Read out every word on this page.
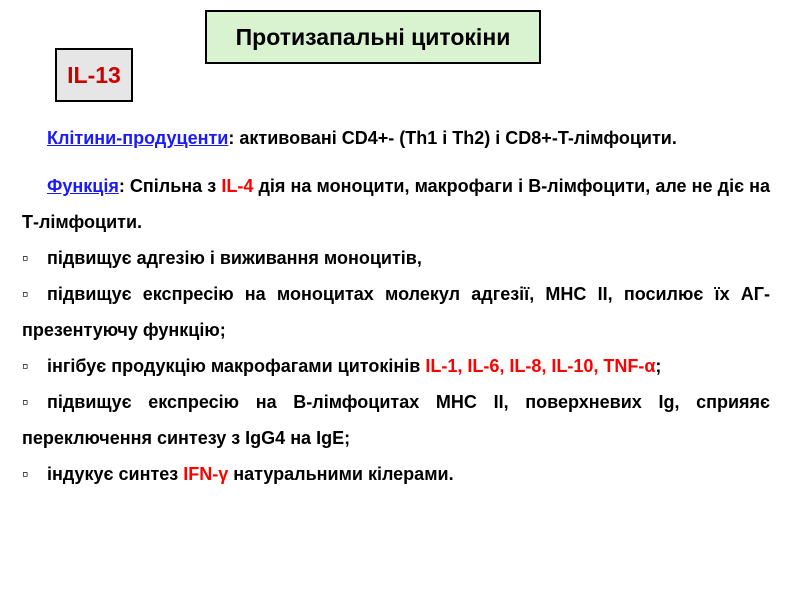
Протизапальні цитокіни
IL-13

Клітини-продуценти: активовані CD4+- (Th1 і Th2) і CD8+-T-лімфоцити.

Функція: Спільна з IL-4 дія на моноцити, макрофаги і В-лімфоцити, але не діє на Т-лімфоцити.

▫ підвищує адгезію і виживання моноцитів,

▫ підвищує експресію на моноцитах молекул адгезії, МНС ІІ, посилює їх АГ-презентуючу функцію;

▫ інгібує продукцію макрофагами цитокінів IL-1, IL-6, IL-8, IL-10, TNF-α;

▫ підвищує експресію на В-лімфоцитах МНС ІІ, поверхневих Ig, сприяяє переключення синтезу з IgG4 на IgE;

▫ індукує синтез IFN-γ натуральними кілерами.
